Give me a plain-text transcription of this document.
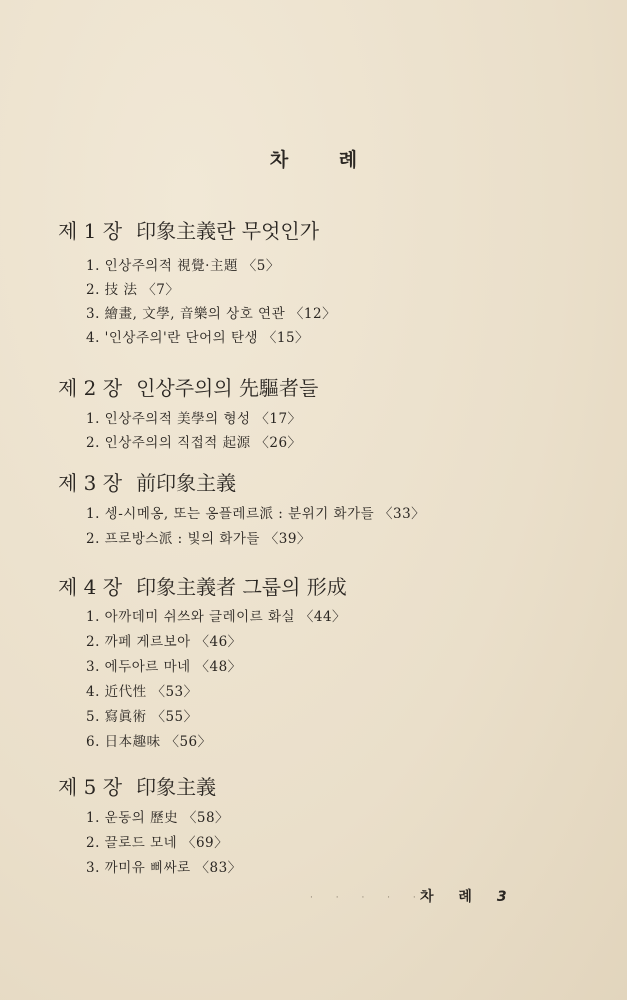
차 례
제 1 장 印象主義란 무엇인가
1. 인상주의적 視覺·主題 〈5〉
2. 技 法 〈7〉
3. 繪畫, 文學, 音樂의 상호 연관 〈12〉
4. '인상주의'란 단어의 탄생 〈15〉
제 2 장 인상주의의 先驅者들
1. 인상주의적 美學의 형성 〈17〉
2. 인상주의의 직접적 起源 〈26〉
제 3 장 前印象主義
1. 셍-시메옹, 또는 옹플레르派 : 분위기 화가들 〈33〉
2. 프로방스派 : 빛의 화가들 〈39〉
제 4 장 印象主義者 그룹의 形成
1. 아까데미 쉬쓰와 글레이르 화실 〈44〉
2. 까페 게르보아 〈46〉
3. 에두아르 마네 〈48〉
4. 近代性 〈53〉
5. 寫眞術 〈55〉
6. 日本趣味 〈56〉
제 5 장 印象主義
1. 운동의 歷史 〈58〉
2. 끌로드 모네 〈69〉
3. 까미유 삐싸로 〈83〉
· · · · ·
차 례 3
